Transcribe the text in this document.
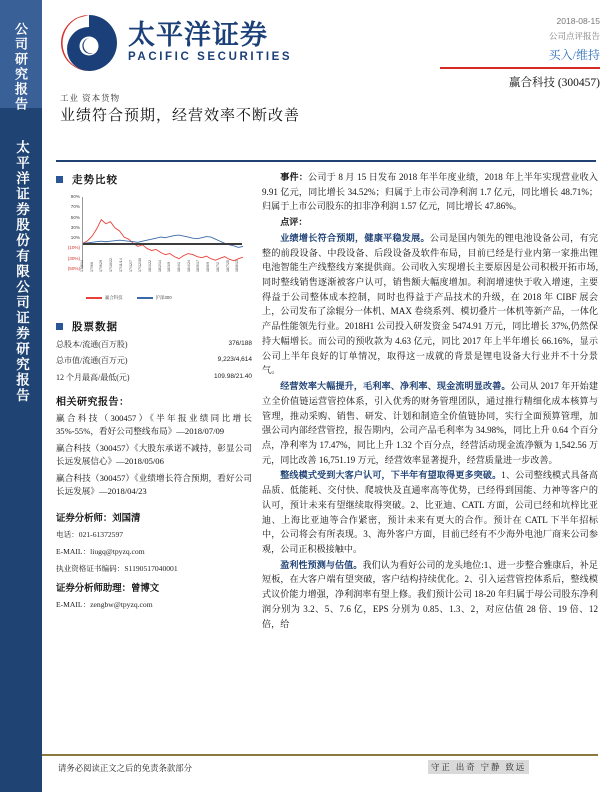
公司研究报告
太平洋证券股份有限公司证券研究报告
太平洋证券
PACIFIC SECURITIES
工业 资本货物
2018-08-15
公司点评报告
买入/维持
赢合科技 (300457)
业绩符合预期，经营效率不断改善
走势比较
90%
70%
50%
30%
10%
(10%)
(30%)
(50%) 17/8/14 17/9/6 17/9/29 17/10/22 17/11/14 17/12/7 17/12/30 18/1/22 18/2/14 18/3/9 18/4/1 18/4/24 18/5/17 18/6/9 18/7/2 18/7/25 18/8/13
赢合科技	沪深300
股票数据
总股本/流通(百万股)	376/188
总市值/流通(百万元)	9,223/4,614
12 个月最高/最低(元)	109.98/21.40
相关研究报告：
赢合科技（300457）《半年报业绩同比增长 35%-55%，看好公司整线布局》—2018/07/09
赢合科技（300457）《大股东承诺不减持，彰显公司长远发展信心》—2018/05/06
赢合科技（300457）《业绩增长符合预期，看好公司长远发展》—2018/04/23
证券分析师：刘国清
电话：021-61372597
E-MAIL：liugq@tpyzq.com
执业资格证书编码：S1190517040001
证券分析师助理：曾博文
E-MAIL：zengbw@tpyzq.com
事件：公司于 8 月 15 日发布 2018 年半年度业绩，2018 年上半年实现营业收入 9.91 亿元，同比增长 34.52%；归属于上市公司净利润 1.7 亿元，同比增长 48.71%；归属于上市公司股东的扣非净利润 1.57 亿元，同比增长 47.86%。
点评：
业绩增长符合预期，健康平稳发展。公司是国内领先的锂电池设备公司，有完整的前段设备、中段设备、后段设备及软件布局，目前已经是行业内第一家推出锂电池智能生产线整线方案提供商。公司收入实现增长主要原因是公司积极开拓市场,同时整线销售逐渐被客户认可，销售额大幅度增加。利润增速快于收入增速，主要得益于公司整体成本控制，同时也得益于产品技术的升级，在 2018 年 CIBF 展会上，公司发布了涂辊分一体机、MAX 卷绕系列、模切叠片一体机等新产品，一体化产品性能领先行业。2018H1 公司投入研发资金 5474.91 万元，同比增长 37%,仍然保持大幅增长。而公司的预收款为 4.63 亿元，同比 2017 年上半年增长 66.16%，显示公司上半年良好的订单情况，取得这一成就的背景是锂电设备大行业并不十分景气。
经营效率大幅提升，毛利率、净利率、现金流明显改善。公司从 2017 年开始建立全价值链运营管控体系，引入优秀的财务管理团队，通过推行精细化成本核算与管理，推动采购、销售、研发、计划和制造全价值链协同，实行全面预算管理，加强公司内部经营管控，报告期内，公司产品毛利率为 34.98%，同比上升 0.64 个百分点，净利率为 17.47%，同比上升 1.32 个百分点，经营活动现金流净额为 1,542.56 万元，同比改善 16,751.19 万元，经营效率显著提升，经营质量进一步改善。
整线模式受到大客户认可，下半年有望取得更多突破。1、公司整线模式具备高品质、低能耗、交付快、爬坡快及直通率高等优势，已经得到国能、力神等客户的认可，预计未来有望继续取得突破。2、比亚迪、CATL 方面，公司已经和坑梓比亚迪、上海比亚迪等合作紧密，预计未来有更大的合作。预计在 CATL 下半年招标中，公司将会有所表现。3、海外客户方面，目前已经有不少海外电池厂商来公司参观，公司正积极接触中。
盈利性预测与估值。我们认为看好公司的龙头地位:1、进一步整合雅康后，补足短板，在大客户端有望突破，客户结构持续优化。2、引入运营管控体系后，整线模式议价能力增强，净利润率有望上修。我们预计公司 18-20 年归属于母公司股东净利润分别为 3.2、5、7.6 亿，EPS 分别为 0.85、1.3、2，对应估值 28 倍、19 倍、12 倍，给
请务必阅读正文之后的免责条款部分	守正 出奇 宁静 致远
